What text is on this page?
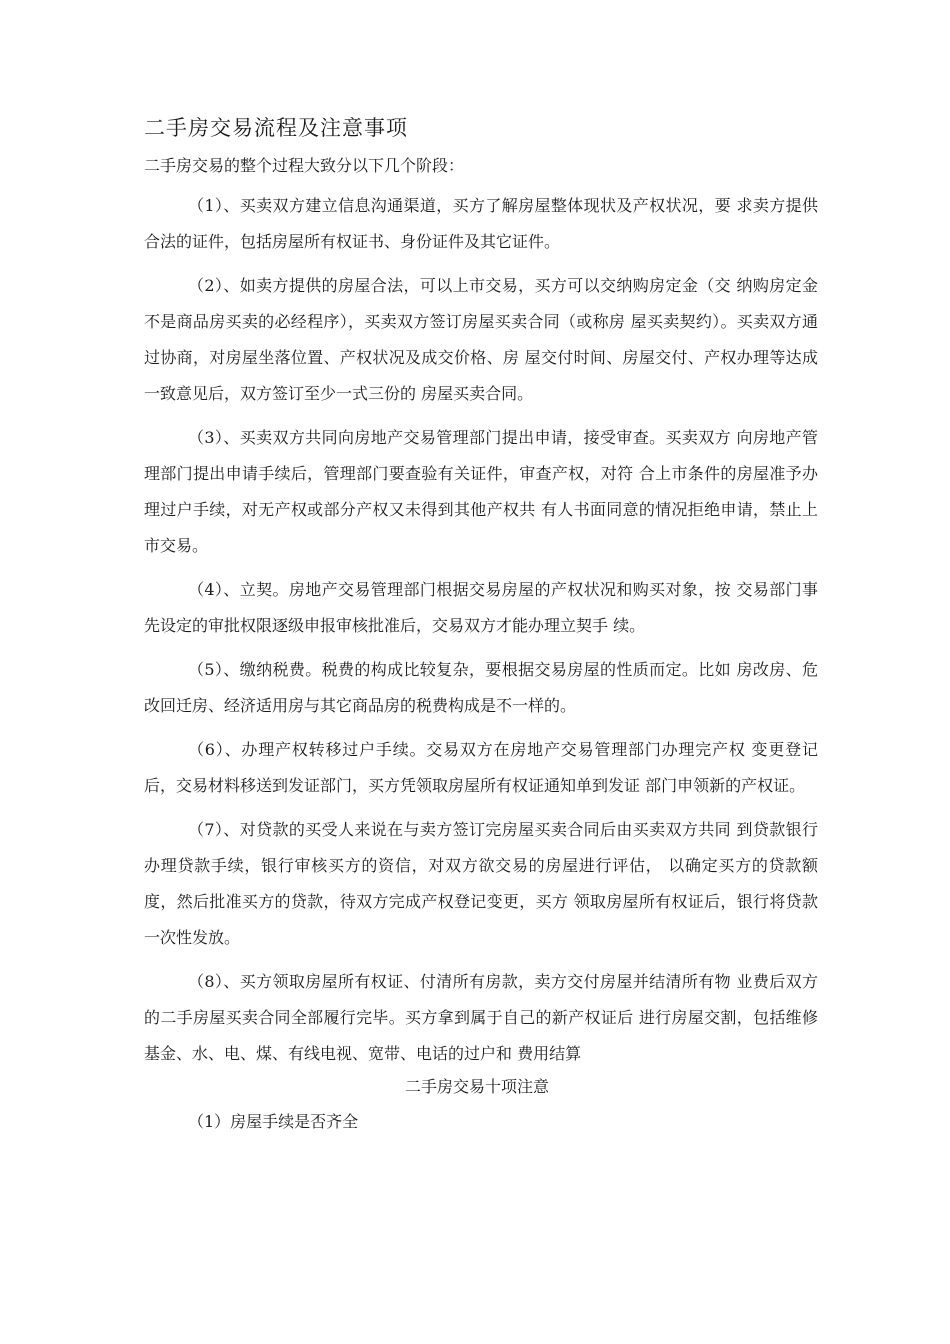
二手房交易流程及注意事项

二手房交易的整个过程大致分以下几个阶段：

（1）、买卖双方建立信息沟通渠道，买方了解房屋整体现状及产权状况，要 求卖方提供合法的证件，包括房屋所有权证书、身份证件及其它证件。

（2）、如卖方提供的房屋合法，可以上市交易，买方可以交纳购房定金（交 纳购房定金不是商品房买卖的必经程序），买卖双方签订房屋买卖合同（或称房 屋买卖契约）。买卖双方通过协商，对房屋坐落位置、产权状况及成交价格、房 屋交付时间、房屋交付、产权办理等达成一致意见后，双方签订至少一式三份的 房屋买卖合同。

（3）、买卖双方共同向房地产交易管理部门提出申请，接受审查。买卖双方 向房地产管理部门提出申请手续后，管理部门要查验有关证件，审查产权，对符 合上市条件的房屋准予办理过户手续，对无产权或部分产权又未得到其他产权共 有人书面同意的情况拒绝申请，禁止上市交易。

（4）、立契。房地产交易管理部门根据交易房屋的产权状况和购买对象，按 交易部门事先设定的审批权限逐级申报审核批准后，交易双方才能办理立契手 续。

（5）、缴纳税费。税费的构成比较复杂，要根据交易房屋的性质而定。比如 房改房、危改回迁房、经济适用房与其它商品房的税费构成是不一样的。

（6）、办理产权转移过户手续。交易双方在房地产交易管理部门办理完产权 变更登记后，交易材料移送到发证部门，买方凭领取房屋所有权证通知单到发证 部门申领新的产权证。

（7）、对贷款的买受人来说在与卖方签订完房屋买卖合同后由买卖双方共同 到贷款银行办理贷款手续，银行审核买方的资信，对双方欲交易的房屋进行评估， 以确定买方的贷款额度，然后批准买方的贷款，待双方完成产权登记变更，买方 领取房屋所有权证后，银行将贷款一次性发放。

（8）、买方领取房屋所有权证、付清所有房款，卖方交付房屋并结清所有物 业费后双方的二手房屋买卖合同全部履行完毕。买方拿到属于自己的新产权证后 进行房屋交割，包括维修基金、水、电、煤、有线电视、宽带、电话的过户和 费用结算

二手房交易十项注意

（1）房屋手续是否齐全
